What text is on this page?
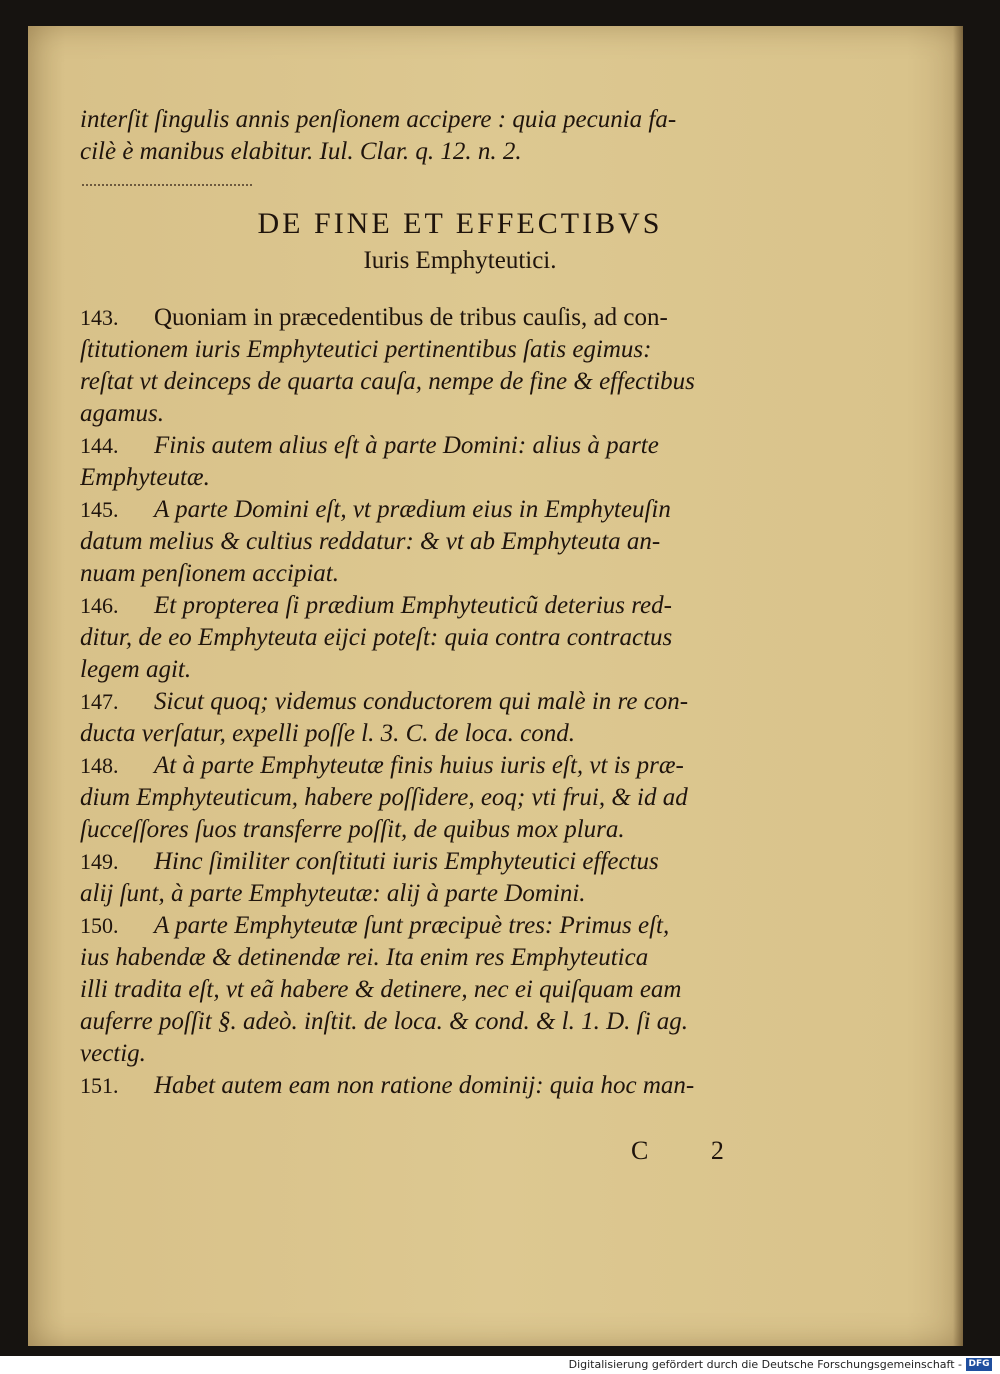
interſit ſingulis annis penſionem accipere : quia pecunia fa-
cilè è manibus elabitur. Iul. Clar. q. 12. n. 2.
DE FINE ET EFFECTIBVS
Iuris Emphyteutici.
143. Quoniam in præcedentibus de tribus cauſis, ad con-
ſtitutionem iuris Emphyteutici pertinentibus ſatis egimus:
reſtat vt deinceps de quarta cauſa, nempe de fine & effectibus
agamus.
144. Finis autem alius eſt à parte Domini: alius à parte
Emphyteutæ.
145. A parte Domini eſt, vt prædium eius in Emphyteuſin
datum melius & cultius reddatur: & vt ab Emphyteuta an-
nuam penſionem accipiat.
146. Et propterea ſi prædium Emphyteuticũ deterius red-
ditur, de eo Emphyteuta eijci poteſt: quia contra contractus
legem agit.
147. Sicut quoq; videmus conductorem qui malè in re con-
ducta verſatur, expelli poſſe l. 3. C. de loca. cond.
148. At à parte Emphyteutæ finis huius iuris eſt, vt is præ-
dium Emphyteuticum, habere poſſidere, eoq; vti frui, & id ad
ſucceſſores ſuos transferre poſſit, de quibus mox plura.
149. Hinc ſimiliter conſtituti iuris Emphyteutici effectus
alij ſunt, à parte Emphyteutæ: alij à parte Domini.
150. A parte Emphyteutæ ſunt præcipuè tres: Primus eſt,
ius habendæ & detinendæ rei. Ita enim res Emphyteutica
illi tradita eſt, vt eã habere & detinere, nec ei quiſquam eam
auferre poſſit §. adeò. inſtit. de loca. & cond. & l. 1. D. ſi ag.
vectig.
151. Habet autem eam non ratione dominij: quia hoc man-
C 2
Digitalisierung gefördert durch die Deutsche Forschungsgemeinschaft - DFG
